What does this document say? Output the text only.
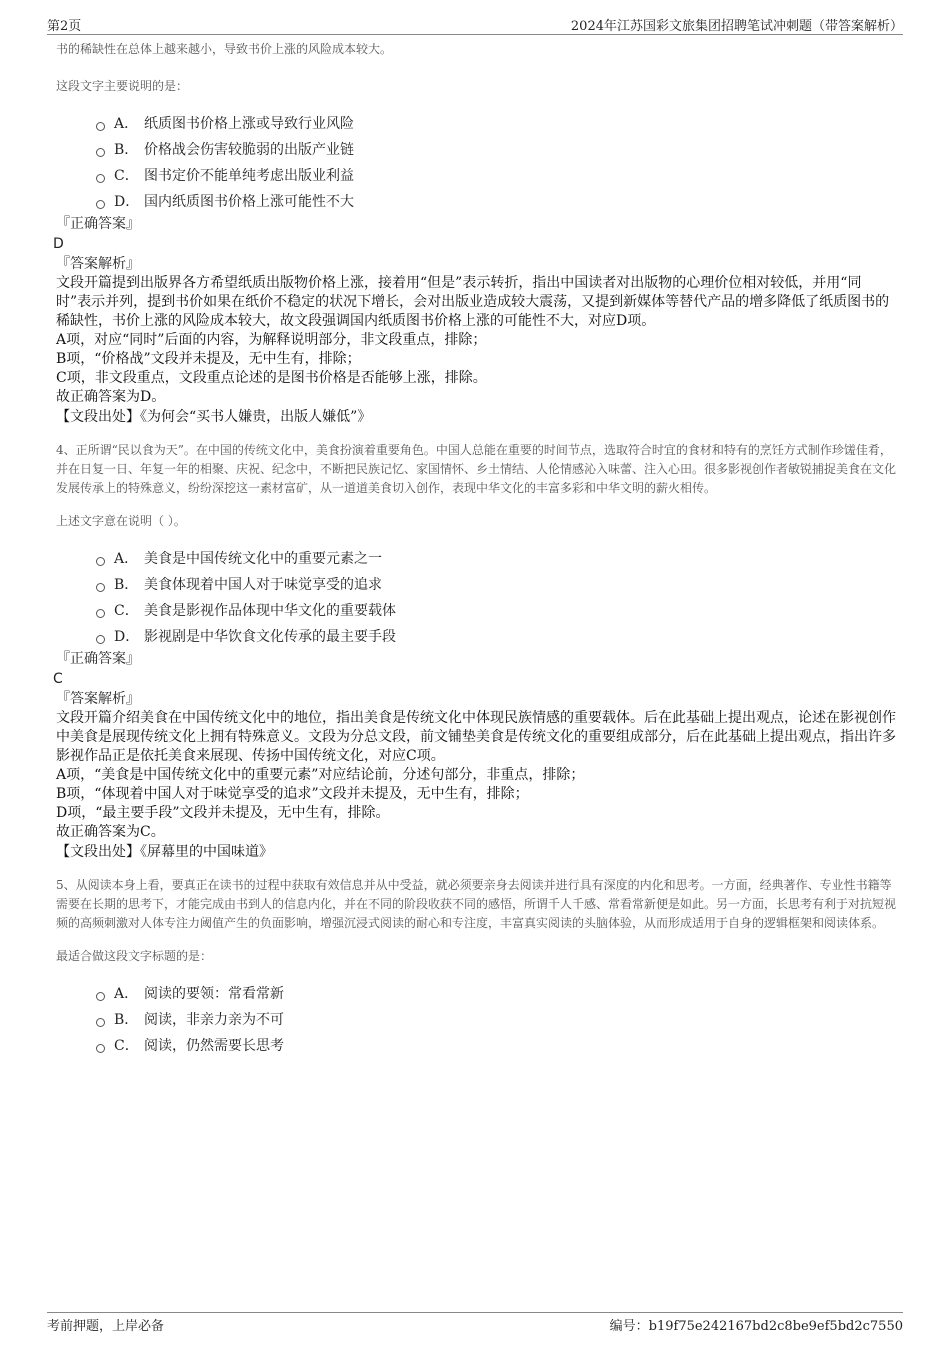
第2页	2024年江苏国彩文旅集团招聘笔试冲刺题（带答案解析）

书的稀缺性在总体上越来越小，导致书价上涨的风险成本较大。

这段文字主要说明的是：

A． 纸质图书价格上涨或导致行业风险
B． 价格战会伤害较脆弱的出版产业链
C． 图书定价不能单纯考虑出版业利益
D． 国内纸质图书价格上涨可能性不大

『正确答案』

D

『答案解析』

文段开篇提到出版界各方希望纸质出版物价格上涨，接着用“但是”表示转折，指出中国读者对出版物的心理价位相对较低，并用“同时”表示并列，提到书价如果在纸价不稳定的状况下增长，会对出版业造成较大震荡，又提到新媒体等替代产品的增多降低了纸质图书的稀缺性，书价上涨的风险成本较大，故文段强调国内纸质图书价格上涨的可能性不大，对应D项。

A项，对应“同时”后面的内容，为解释说明部分，非文段重点，排除；

B项，“价格战”文段并未提及，无中生有，排除；

C项，非文段重点，文段重点论述的是图书价格是否能够上涨，排除。

故正确答案为D。

【文段出处】《为何会“买书人嫌贵，出版人嫌低”》

4、正所谓“民以食为天”。在中国的传统文化中，美食扮演着重要角色。中国人总能在重要的时间节点，选取符合时宜的食材和特有的烹饪方式制作珍馐佳肴，并在日复一日、年复一年的相聚、庆祝、纪念中，不断把民族记忆、家国情怀、乡土情结、人伦情感沁入味蕾、注入心田。很多影视创作者敏锐捕捉美食在文化发展传承上的特殊意义，纷纷深挖这一素材富矿，从一道道美食切入创作，表现中华文化的丰富多彩和中华文明的薪火相传。

上述文字意在说明（ ）。

A． 美食是中国传统文化中的重要元素之一
B． 美食体现着中国人对于味觉享受的追求
C． 美食是影视作品体现中华文化的重要载体
D． 影视剧是中华饮食文化传承的最主要手段

『正确答案』

C

『答案解析』

文段开篇介绍美食在中国传统文化中的地位，指出美食是传统文化中体现民族情感的重要载体。后在此基础上提出观点，论述在影视创作中美食是展现传统文化上拥有特殊意义。文段为分总文段，前文铺垫美食是传统文化的重要组成部分，后在此基础上提出观点，指出许多影视作品正是依托美食来展现、传扬中国传统文化，对应C项。

A项，“美食是中国传统文化中的重要元素”对应结论前，分述句部分，非重点，排除；

B项，“体现着中国人对于味觉享受的追求”文段并未提及，无中生有，排除；

D项，“最主要手段”文段并未提及，无中生有，排除。

故正确答案为C。

【文段出处】《屏幕里的中国味道》

5、从阅读本身上看，要真正在读书的过程中获取有效信息并从中受益，就必须要亲身去阅读并进行具有深度的内化和思考。一方面，经典著作、专业性书籍等需要在长期的思考下，才能完成由书到人的信息内化，并在不同的阶段收获不同的感悟，所谓千人千感、常看常新便是如此。另一方面，长思考有利于对抗短视频的高频刺激对人体专注力阈值产生的负面影响，增强沉浸式阅读的耐心和专注度，丰富真实阅读的头脑体验，从而形成适用于自身的逻辑框架和阅读体系。

最适合做这段文字标题的是：

A． 阅读的要领：常看常新
B． 阅读，非亲力亲为不可
C． 阅读，仍然需要长思考
考前押题，上岸必备	编号：b19f75e242167bd2c8be9ef5bd2c7550
